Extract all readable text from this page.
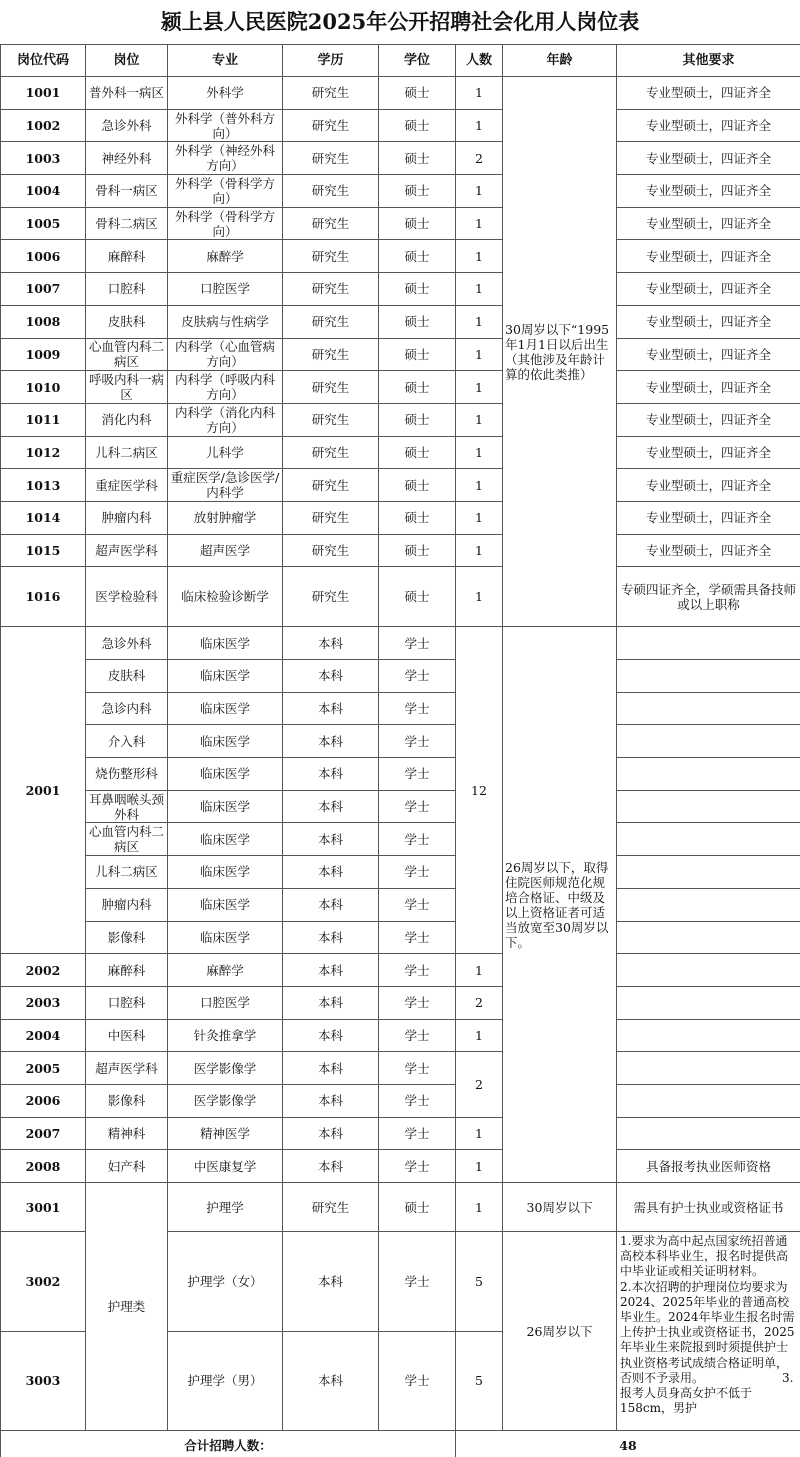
颍上县人民医院2025年公开招聘社会化用人岗位表
岗位代码	岗位	专业	学历	学位	人数	年龄	其他要求
1001	普外科一病区	外科学	研究生	硕士	1	30周岁以下“1995年1月1日以后出生（其他涉及年龄计算的依此类推）	专业型硕士，四证齐全
1002	急诊外科	外科学（普外科方向）	研究生	硕士	1		专业型硕士，四证齐全
1003	神经外科	外科学（神经外科方向）	研究生	硕士	2		专业型硕士，四证齐全
1004	骨科一病区	外科学（骨科学方向）	研究生	硕士	1		专业型硕士，四证齐全
1005	骨科二病区	外科学（骨科学方向）	研究生	硕士	1		专业型硕士，四证齐全
1006	麻醉科	麻醉学	研究生	硕士	1		专业型硕士，四证齐全
1007	口腔科	口腔医学	研究生	硕士	1		专业型硕士，四证齐全
1008	皮肤科	皮肤病与性病学	研究生	硕士	1		专业型硕士，四证齐全
1009	心血管内科二病区	内科学（心血管病方向）	研究生	硕士	1		专业型硕士，四证齐全
1010	呼吸内科一病区	内科学（呼吸内科方向）	研究生	硕士	1		专业型硕士，四证齐全
1011	消化内科	内科学（消化内科方向）	研究生	硕士	1		专业型硕士，四证齐全
1012	儿科二病区	儿科学	研究生	硕士	1		专业型硕士，四证齐全
1013	重症医学科	重症医学/急诊医学/内科学	研究生	硕士	1		专业型硕士，四证齐全
1014	肿瘤内科	放射肿瘤学	研究生	硕士	1		专业型硕士，四证齐全
1015	超声医学科	超声医学	研究生	硕士	1		专业型硕士，四证齐全
1016	医学检验科	临床检验诊断学	研究生	硕士	1		专硕四证齐全，学硕需具备技师或以上职称
2001	急诊外科	临床医学	本科	学士	12	26周岁以下，取得住院医师规范化规培合格证、中级及以上资格证者可适当放宽至30周岁以下。	
	皮肤科	临床医学	本科	学士			
	急诊内科	临床医学	本科	学士			
	介入科	临床医学	本科	学士			
	烧伤整形科	临床医学	本科	学士			
	耳鼻咽喉头颈外科	临床医学	本科	学士			
	心血管内科二病区	临床医学	本科	学士			
	儿科二病区	临床医学	本科	学士			
	肿瘤内科	临床医学	本科	学士			
	影像科	临床医学	本科	学士			
2002	麻醉科	麻醉学	本科	学士	1		
2003	口腔科	口腔医学	本科	学士	2		
2004	中医科	针灸推拿学	本科	学士	1		
2005	超声医学科	医学影像学	本科	学士	2		
2006	影像科	医学影像学	本科	学士			
2007	精神科	精神医学	本科	学士	1		
2008	妇产科	中医康复学	本科	学士	1		具备报考执业医师资格
3001	护理类	护理学	研究生	硕士	1	30周岁以下	需具有护士执业或资格证书
3002		护理学（女）	本科	学士	5	26周岁以下	1.要求为高中起点国家统招普通高校本科毕业生，报名时提供高中毕业证或相关证明材料。　　　2.本次招聘的护理岗位均要求为2024、2025年毕业的普通高校毕业生。2024年毕业生报名时需上传护士执业或资格证书，2025年毕业生来院报到时须提供护士执业资格考试成绩合格证明单，否则不予录用。　　　　　　　3.报考人员身高女护不低于158cm，男护

3003		护理学（男）	本科	学士	5		
合计招聘人数：					48		
